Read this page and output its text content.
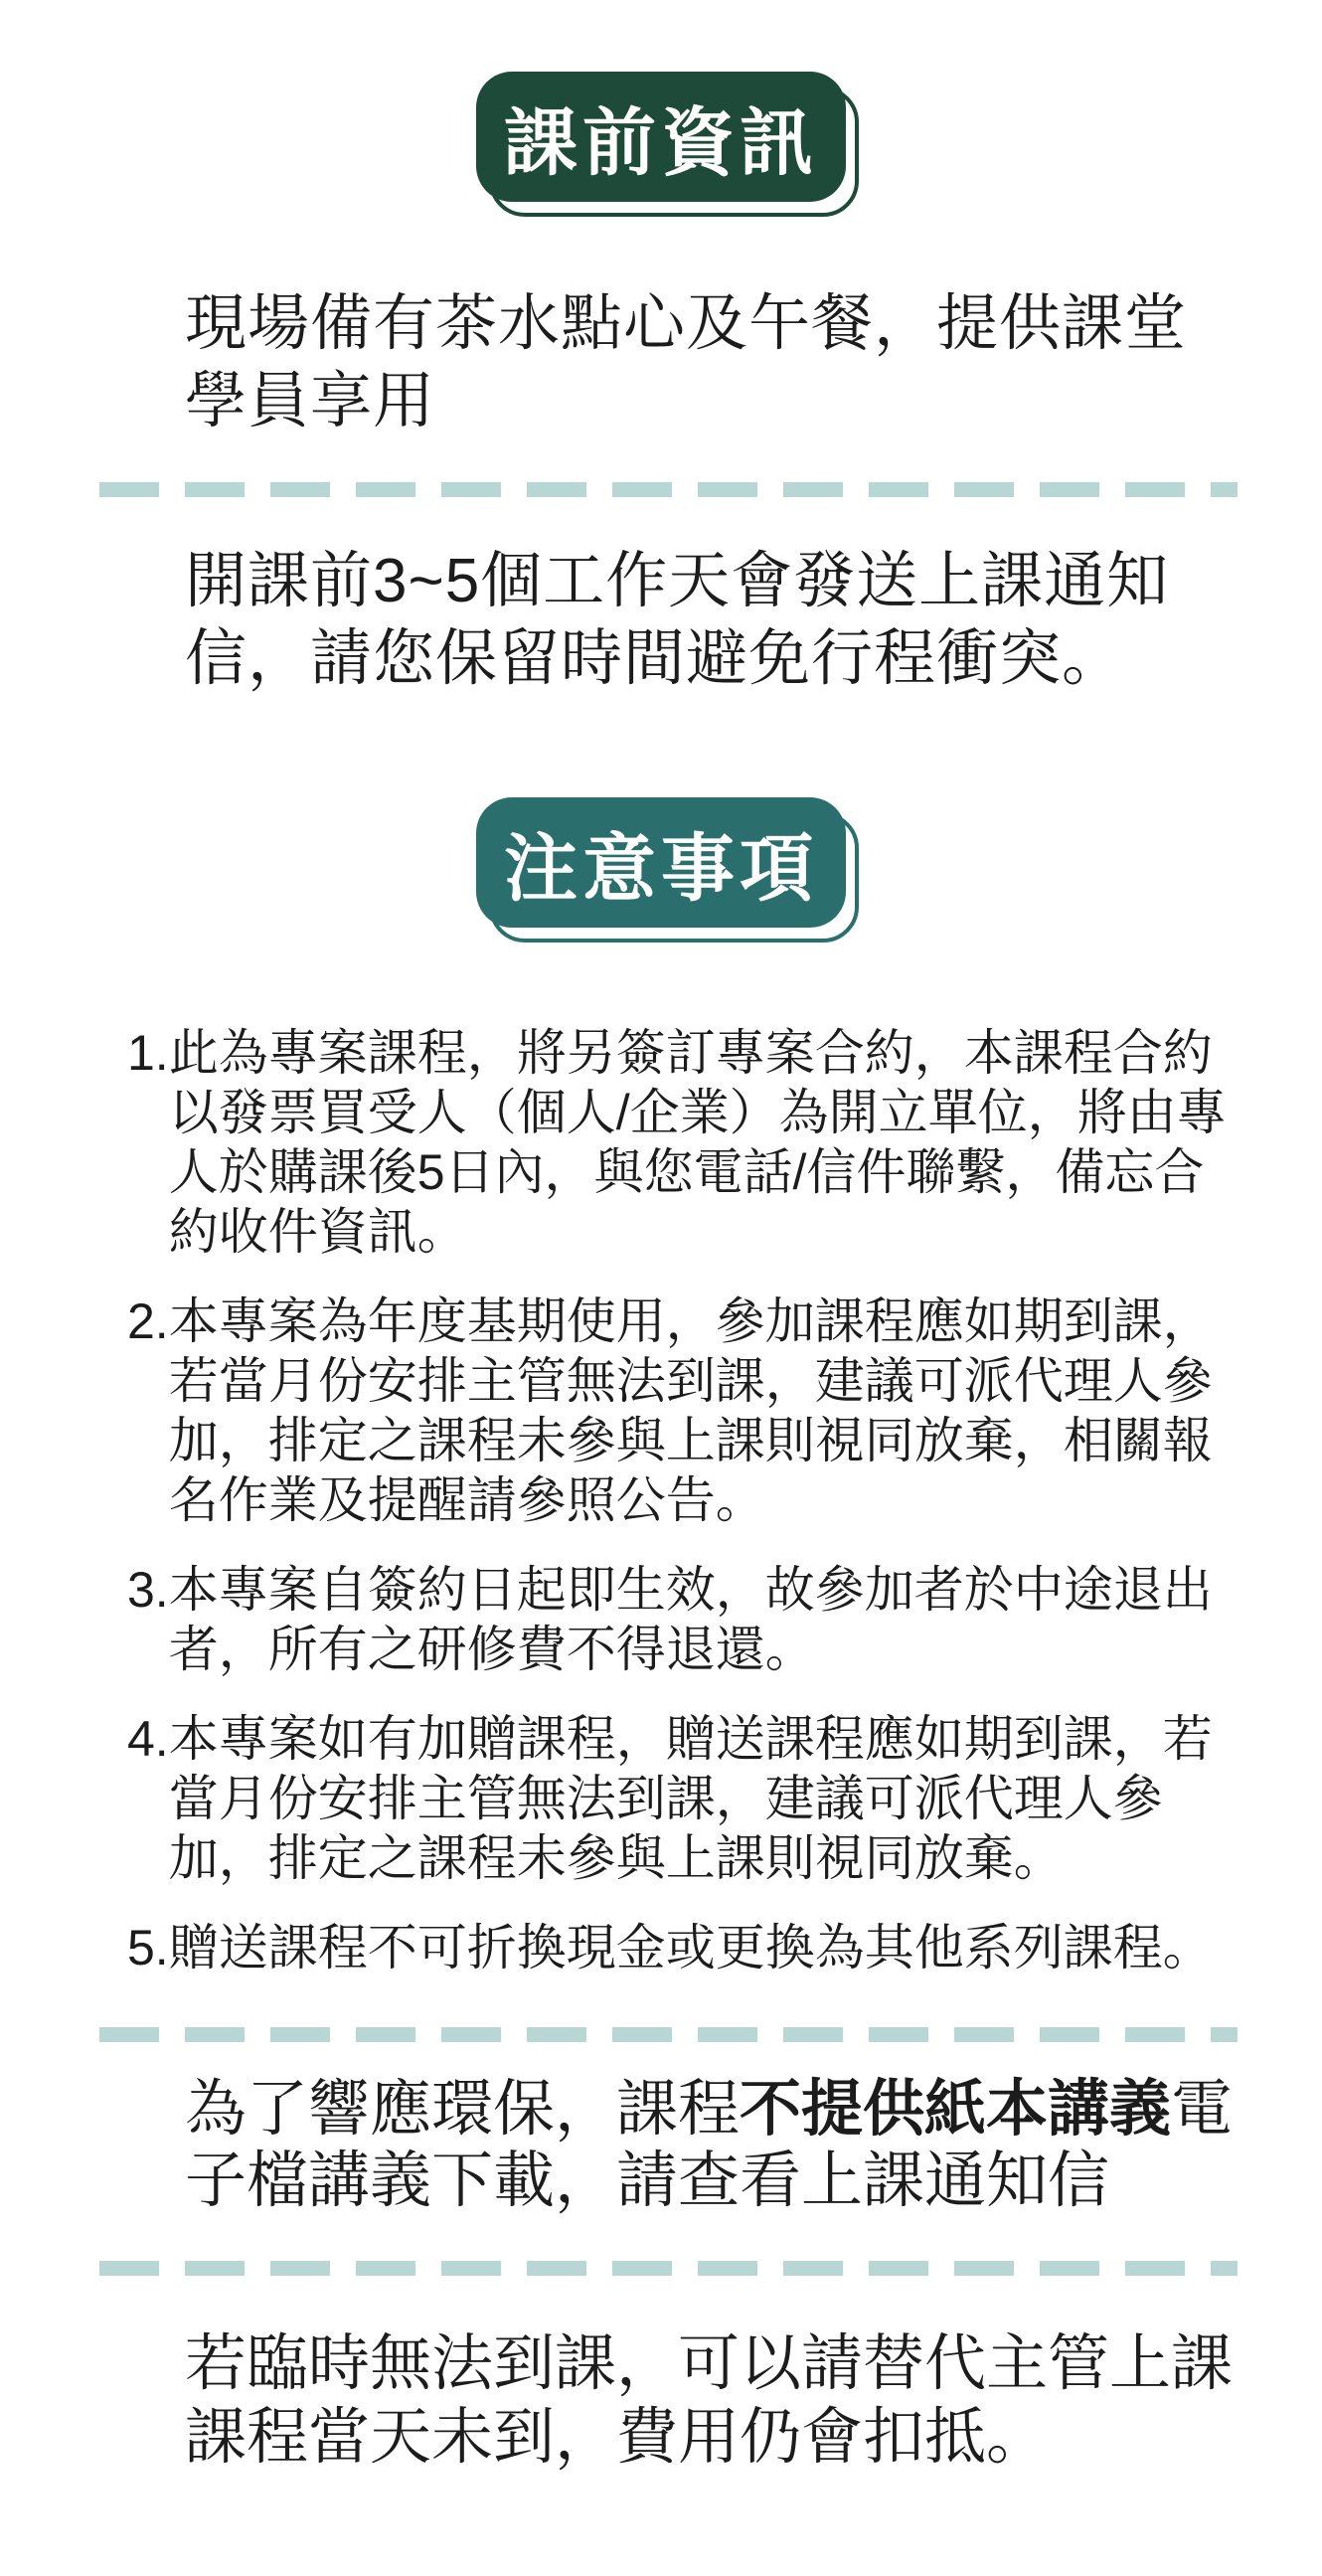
課前資訊
現場備有茶水點心及午餐，提供課堂學員享用
開課前3~5個工作天會發送上課通知信，請您保留時間避免行程衝突。
注意事項
1. 此為專案課程，將另簽訂專案合約，本課程合約以發票買受人（個人/企業）為開立單位，將由專人於購課後5日內，與您電話/信件聯繫，備忘合約收件資訊。
2. 本專案為年度基期使用，參加課程應如期到課，若當月份安排主管無法到課，建議可派代理人參加，排定之課程未參與上課則視同放棄，相關報名作業及提醒請參照公告。
3. 本專案自簽約日起即生效，故參加者於中途退出者，所有之研修費不得退還。
4. 本專案如有加贈課程，贈送課程應如期到課，若當月份安排主管無法到課，建議可派代理人參加，排定之課程未參與上課則視同放棄。
5. 贈送課程不可折換現金或更換為其他系列課程。
為了響應環保，課程不提供紙本講義電子檔講義下載，請查看上課通知信
若臨時無法到課，可以請替代主管上課課程當天未到，費用仍會扣抵。
